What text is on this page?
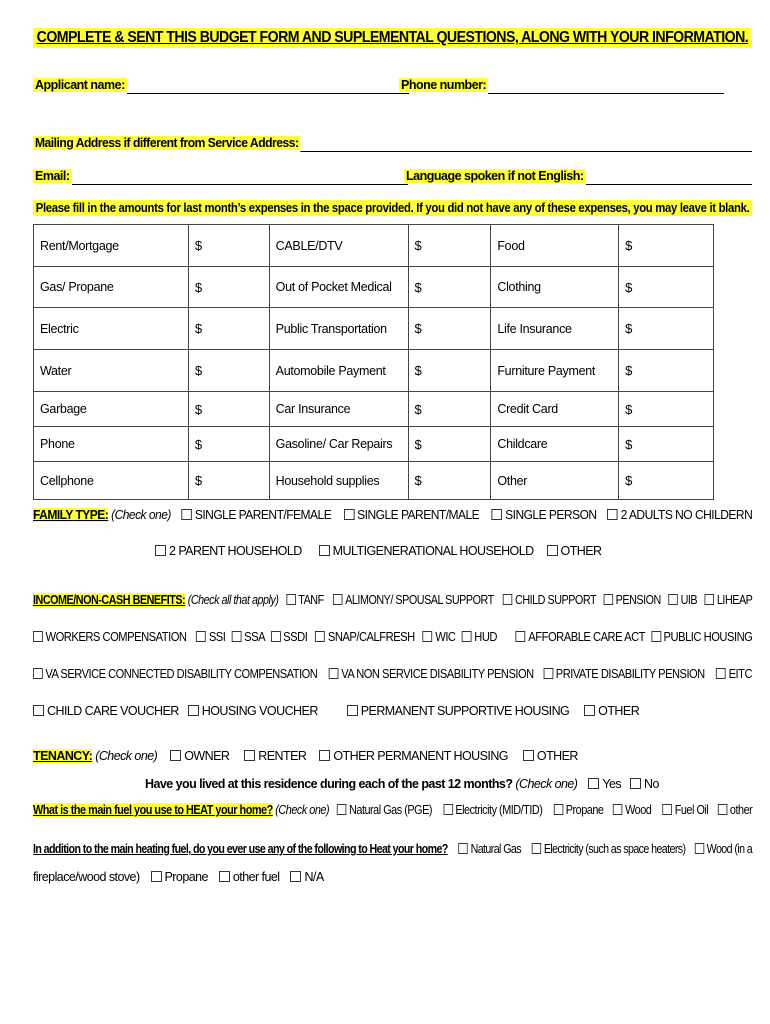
COMPLETE & SENT THIS BUDGET FORM AND SUPLEMENTAL QUESTIONS, ALONG WITH YOUR INFORMATION.
Applicant name:	Phone number:
Mailing Address if different from Service Address:
Email:	Language spoken if not English:
Please fill in the amounts for last month’s expenses in the space provided. If you did not have any of these expenses, you may leave it blank.
Rent/Mortgage	$	CABLE/DTV	$	Food	$
Gas/ Propane	$	Out of Pocket Medical	$	Clothing	$
Electric	$	Public Transportation	$	Life Insurance	$
Water	$	Automobile Payment	$	Furniture Payment	$
Garbage	$	Car Insurance	$	Credit Card	$
Phone	$	Gasoline/ Car Repairs	$	Childcare	$
Cellphone	$	Household supplies	$	Other	$
FAMILY TYPE: (Check one) SINGLE PARENT/FEMALE SINGLE PARENT/MALE SINGLE PERSON 2 ADULTS NO CHILDERN
2 PARENT HOUSEHOLD MULTIGENERATIONAL HOUSEHOLD OTHER
INCOME/NON-CASH BENEFITS: (Check all that apply) TANF ALIMONY/ SPOUSAL SUPPORT CHILD SUPPORT PENSION UIB LIHEAP
WORKERS COMPENSATION SSI SSA SSDI SNAP/CALFRESH WIC HUD	AFFORABLE CARE ACT PUBLIC HOUSING
VA SERVICE CONNECTED DISABILITY COMPENSATION VA NON SERVICE DISABILITY PENSION PRIVATE DISABILITY PENSION EITC
CHILD CARE VOUCHER HOUSING VOUCHER	PERMANENT SUPPORTIVE HOUSING OTHER
TENANCY: (Check one) OWNER RENTER OTHER PERMANENT HOUSING OTHER
Have you lived at this residence during each of the past 12 months? (Check one) Yes No
What is the main fuel you use to HEAT your home? (Check one) Natural Gas (PGE) Electricity (MID/TID) Propane Wood Fuel Oil other
In addition to the main heating fuel, do you ever use any of the following to Heat your home? Natural Gas Electricity (such as space heaters) Wood (in a
fireplace/wood stove) Propane other fuel N/A
